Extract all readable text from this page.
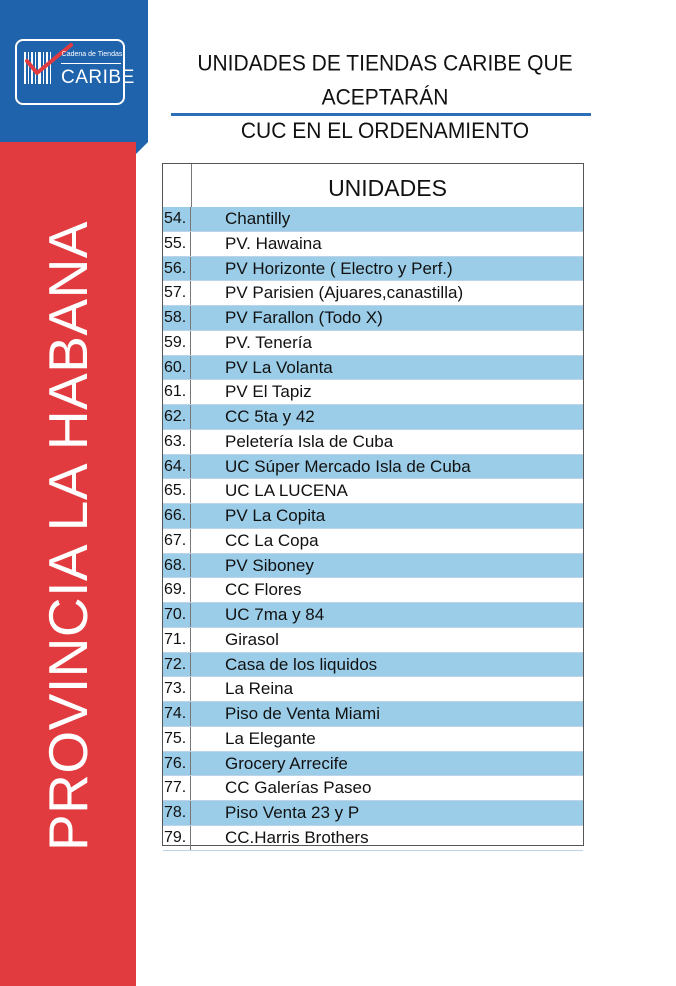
Cadena de Tiendas
CARIBE
PROVINCIA LA HABANA
UNIDADES DE TIENDAS CARIBE QUE ACEPTARÁN
CUC EN EL ORDENAMIENTO
UNIDADES
54. Chantilly
55. PV. Hawaina
56. PV Horizonte ( Electro y Perf.)
57. PV Parisien (Ajuares,canastilla)
58. PV Farallon (Todo X)
59. PV. Tenería
60. PV La Volanta
61. PV El Tapiz
62. CC 5ta y 42
63. Peletería Isla de Cuba
64. UC Súper Mercado Isla de Cuba
65. UC LA LUCENA
66. PV La Copita
67. CC La Copa
68. PV Siboney
69. CC Flores
70. UC 7ma y 84
71. Girasol
72. Casa de los liquidos
73. La Reina
74. Piso de Venta Miami
75. La Elegante
76. Grocery Arrecife
77. CC Galerías Paseo
78. Piso Venta 23 y P
79. CC.Harris Brothers
